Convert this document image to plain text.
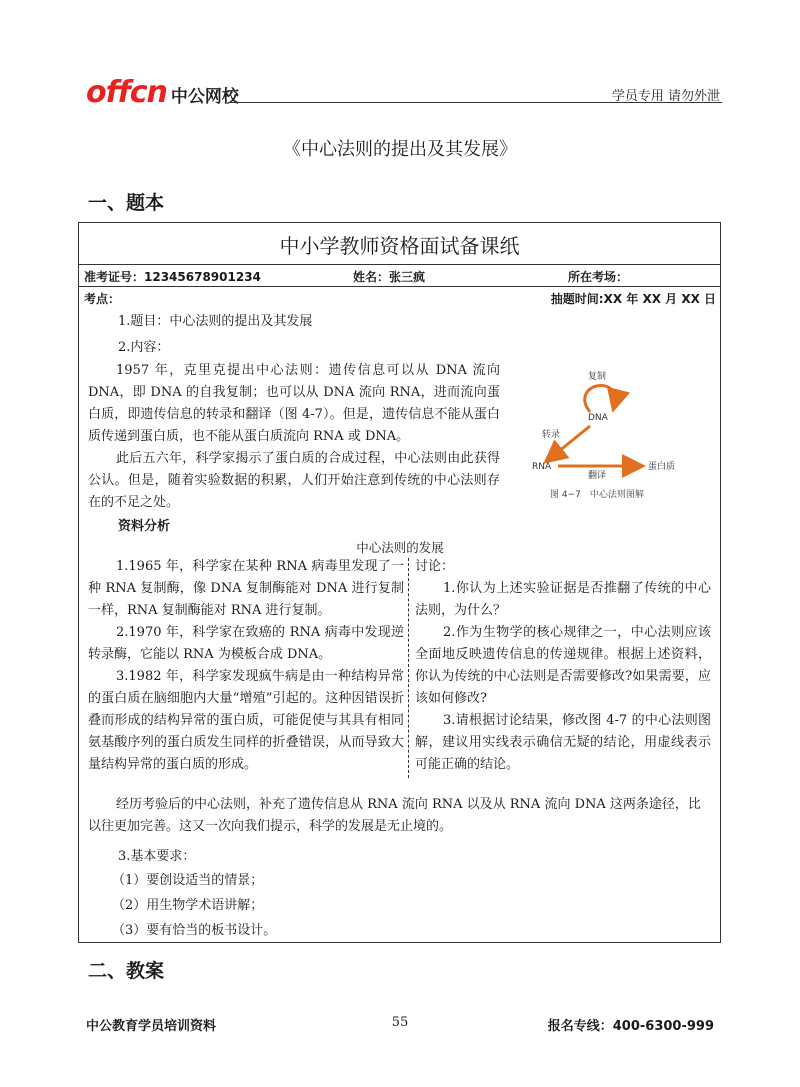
offcn 中公网校	学员专用 请勿外泄
《中心法则的提出及其发展》
一、题本
中小学教师资格面试备课纸
准考证号：12345678901234	姓名：张三疯	所在考场：
考点：	抽题时间:XX 年 XX 月 XX 日
1.题目：中心法则的提出及其发展
2.内容：
1957 年，克里克提出中心法则：遗传信息可以从 DNA 流向 DNA，即 DNA 的自我复制；也可以从 DNA 流向 RNA，进而流向蛋白质，即遗传信息的转录和翻译（图 4-7）。但是，遗传信息不能从蛋白质传递到蛋白质，也不能从蛋白质流向 RNA 或 DNA。
此后五六年，科学家揭示了蛋白质的合成过程，中心法则由此获得公认。但是，随着实验数据的积累，人们开始注意到传统的中心法则存在的不足之处。
复制
DNA
转录
RNA
翻译
蛋白质
图 4−7　中心法则图解
资料分析
中心法则的发展
1.1965 年，科学家在某种 RNA 病毒里发现了一种 RNA 复制酶，像 DNA 复制酶能对 DNA 进行复制一样，RNA 复制酶能对 RNA 进行复制。
2.1970 年，科学家在致癌的 RNA 病毒中发现逆转录酶，它能以 RNA 为模板合成 DNA。
3.1982 年，科学家发现疯牛病是由一种结构异常的蛋白质在脑细胞内大量“增殖”引起的。这种因错误折叠而形成的结构异常的蛋白质，可能促使与其具有相同氨基酸序列的蛋白质发生同样的折叠错误，从而导致大量结构异常的蛋白质的形成。
讨论：
1.你认为上述实验证据是否推翻了传统的中心法则，为什么？
2.作为生物学的核心规律之一，中心法则应该全面地反映遗传信息的传递规律。根据上述资料，你认为传统的中心法则是否需要修改?如果需要，应该如何修改?
3.请根据讨论结果，修改图 4-7 的中心法则图解，建议用实线表示确信无疑的结论，用虚线表示可能正确的结论。
经历考验后的中心法则，补充了遗传信息从 RNA 流向 RNA 以及从 RNA 流向 DNA 这两条途径，比以往更加完善。这又一次向我们提示，科学的发展是无止境的。
3.基本要求：
（1）要创设适当的情景；
（2）用生物学术语讲解；
（3）要有恰当的板书设计。
二、教案
中公教育学员培训资料	55	报名专线：400-6300-999
